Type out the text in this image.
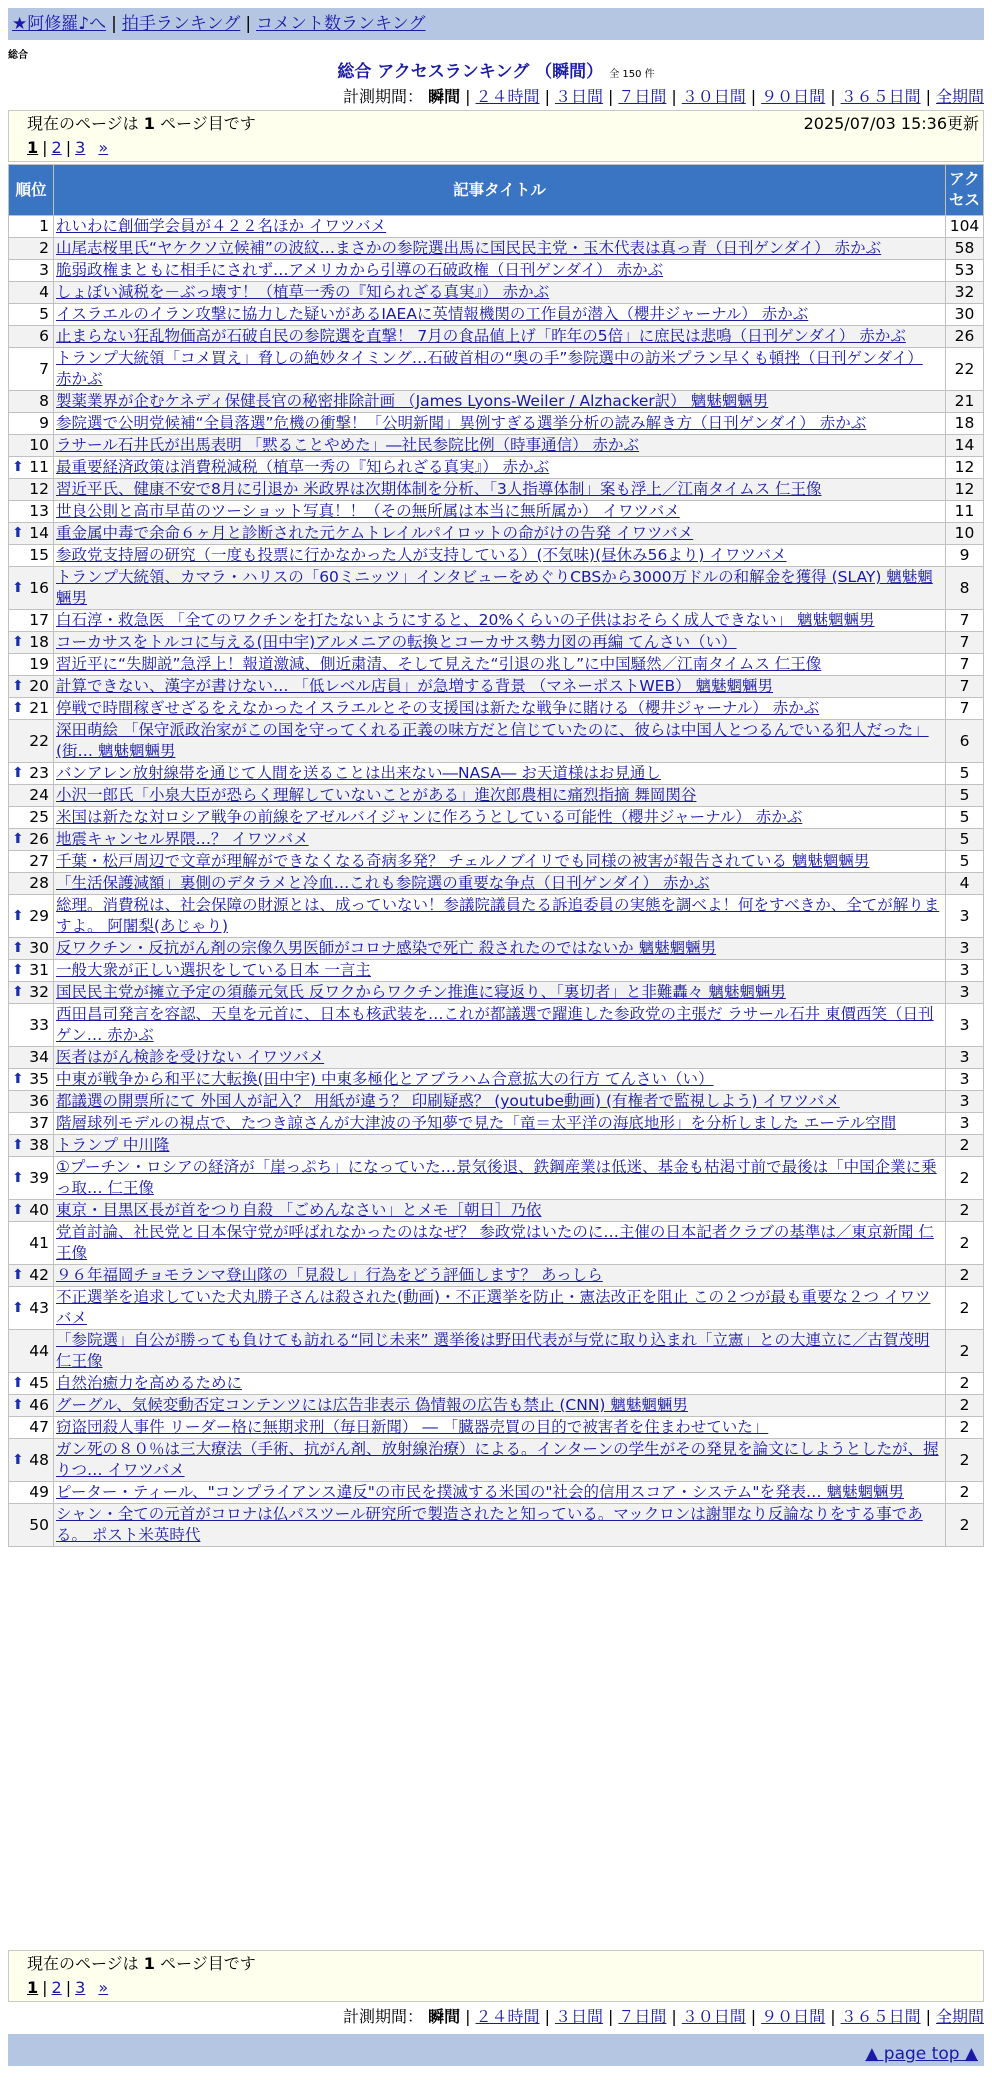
★阿修羅♪へ | 拍手ランキング | コメント数ランキング
総合
総合 アクセスランキング （瞬間） 全 150 件
計測期間： 瞬間 | ２４時間 | ３日間 | ７日間 | ３０日間 | ９０日間 | ３６５日間 | 全期間
現在のページは 1 ページ目です	2025/07/03 15:36更新
1 | 2 | 3 »
順位	記事タイトル	アクセス
1	れいわに創価学会員が４２２名ほか イワツバメ	104
2	山尾志桜里氏“ヤケクソ立候補”の波紋…まさかの参院選出馬に国民民主党・玉木代表は真っ青（日刊ゲンダイ） 赤かぶ	58
3	脆弱政権まともに相手にされず…アメリカから引導の石破政権（日刊ゲンダイ） 赤かぶ	53
4	しょぼい減税を－ぶっ壊す！（植草一秀の『知られざる真実』） 赤かぶ	32
5	イスラエルのイラン攻撃に協力した疑いがあるIAEAに英情報機関の工作員が潜入（櫻井ジャーナル） 赤かぶ	30
6	止まらない狂乱物価高が石破自民の参院選を直撃！ 7月の食品値上げ「昨年の5倍」に庶民は悲鳴（日刊ゲンダイ） 赤かぶ	26
7	トランプ大統領「コメ買え」脅しの絶妙タイミング…石破首相の“奥の手”参院選中の訪米プラン早くも頓挫（日刊ゲンダイ） 赤かぶ	22
8	製薬業界が企むケネディ保健長官の秘密排除計画 （James Lyons-Weiler / Alzhacker訳） 魑魅魍魎男	21
9	参院選で公明党候補“全員落選”危機の衝撃！「公明新聞」異例すぎる選挙分析の読み解き方（日刊ゲンダイ） 赤かぶ	18
10	ラサール石井氏が出馬表明 「黙ることやめた」―社民参院比例（時事通信） 赤かぶ	14

⬆ 11	最重要経済政策は消費税減税（植草一秀の『知られざる真実』） 赤かぶ	12
12	習近平氏、健康不安で8月に引退か 米政界は次期体制を分析、「3人指導体制」案も浮上／江南タイムス 仁王像	12
13	世良公則と高市早苗のツーショット写真！！（その無所属は本当に無所属か） イワツバメ	11

⬆ 14	重金属中毒で余命６ヶ月と診断された元ケムトレイルパイロットの命がけの告発 イワツバメ	10
15	参政党支持層の研究（一度も投票に行かなかった人が支持している）(不気味)(昼休み56より) イワツバメ	9

⬆ 16	トランプ大統領、カマラ・ハリスの「60ミニッツ」インタビューをめぐりCBSから3000万ドルの和解金を獲得 (SLAY) 魑魅魍魎男	8
17	白石淳・救急医 「全てのワクチンを打たないようにすると、20%くらいの子供はおそらく成人できない」 魑魅魍魎男	7

⬆ 18	コーカサスをトルコに与える(田中宇)アルメニアの転換とコーカサス勢力図の再編 てんさい（い）	7
19	習近平に“失脚説”急浮上！報道激減、側近粛清、そして見えた“引退の兆し”に中国騒然／江南タイムス 仁王像	7

⬆ 20	計算できない、漢字が書けない… 「低レベル店員」が急増する背景 （マネーポストWEB） 魑魅魍魎男	7

⬆ 21	停戦で時間稼ぎせざるをえなかったイスラエルとその支援国は新たな戦争に賭ける（櫻井ジャーナル） 赤かぶ	7
22	深田萌絵 「保守派政治家がこの国を守ってくれる正義の味方だと信じていたのに、彼らは中国人とつるんでいる犯人だった」(街… 魑魅魍魎男	6

⬆ 23	バンアレン放射線帯を通じて人間を送ることは出来ない―NASA― お天道様はお見通し	5
24	小沢一郎氏「小泉大臣が恐らく理解していないことがある」進次郎農相に痛烈指摘 舞岡関谷	5
25	米国は新たな対ロシア戦争の前線をアゼルバイジャンに作ろうとしている可能性（櫻井ジャーナル） 赤かぶ	5

⬆ 26	地震キャンセル界隈…？ イワツバメ	5
27	千葉・松戸周辺で文章が理解ができなくなる奇病多発？ チェルノブイリでも同様の被害が報告されている 魑魅魍魎男	5
28	「生活保護減額」裏側のデタラメと冷血…これも参院選の重要な争点（日刊ゲンダイ） 赤かぶ	4

⬆ 29	総理。消費税は、社会保障の財源とは、成っていない！参議院議員たる訴追委員の実態を調べよ！何をすべきか、全てが解りますよ。 阿闍梨(あじゃり)	3

⬆ 30	反ワクチン・反抗がん剤の宗像久男医師がコロナ感染で死亡 殺されたのではないか 魑魅魍魎男	3

⬆ 31	一般大衆が正しい選択をしている日本 一言主	3

⬆ 32	国民民主党が擁立予定の須藤元気氏 反ワクからワクチン推進に寝返り、「裏切者」と非難轟々 魑魅魍魎男	3
33	西田昌司発言を容認、天皇を元首に、日本も核武装を…これが都議選で躍進した参政党の主張だ ラサール石井 東價西笑（日刊ゲン… 赤かぶ	3
34	医者はがん検診を受けない イワツバメ	3

⬆ 35	中東が戦争から和平に大転換(田中宇) 中東多極化とアブラハム合意拡大の行方 てんさい（い）	3
36	都議選の開票所にて 外国人が記入？ 用紙が違う？ 印刷疑惑？ (youtube動画) (有権者で監視しよう) イワツバメ	3
37	階層球列モデルの視点で、たつき諒さんが大津波の予知夢で見た「竜＝太平洋の海底地形」を分析しました エーテル空間	3

⬆ 38	トランプ 中川隆	2

⬆ 39	①プーチン・ロシアの経済が「崖っぷち」になっていた…景気後退、鉄鋼産業は低迷、基金も枯渇寸前で最後は「中国企業に乗っ取… 仁王像	2

⬆ 40	東京・目黒区長が首をつり自殺 「ごめんなさい」とメモ［朝日］乃依	2
41	党首討論、社民党と日本保守党が呼ばれなかったのはなぜ？ 参政党はいたのに…主催の日本記者クラブの基準は／東京新聞 仁王像	2

⬆ 42	９６年福岡チョモランマ登山隊の「見殺し」行為をどう評価します？ あっしら	2

⬆ 43	不正選挙を追求していた犬丸勝子さんは殺された(動画)・不正選挙を防止・憲法改正を阻止 この２つが最も重要な２つ イワツバメ	2
44	「参院選」自公が勝っても負けても訪れる“同じ未来” 選挙後は野田代表が与党に取り込まれ「立憲」との大連立に／古賀茂明 仁王像	2

⬆ 45	自然治癒力を高めるために	2

⬆ 46	グーグル、気候変動否定コンテンツには広告非表示 偽情報の広告も禁止 (CNN) 魑魅魍魎男	2
47	窃盗団殺人事件 リーダー格に無期求刑（毎日新聞） ― 「臓器売買の目的で被害者を住まわせていた」	2

⬆ 48	ガン死の８０％は三大療法（手術、抗がん剤、放射線治療）による。インターンの学生がその発見を論文にしようとしたが、握りつ… イワツバメ	2
49	ピーター・ティール、"コンプライアンス違反"の市民を撲滅する米国の"社会的信用スコア・システム"を発表… 魑魅魍魎男	2
50	シャン・全ての元首がコロナは仏パスツール研究所で製造されたと知っている。マックロンは謝罪なり反論なりをする事である。 ポスト米英時代	2
現在のページは 1 ページ目です
1 | 2 | 3 »
計測期間： 瞬間 | ２４時間 | ３日間 | ７日間 | ３０日間 | ９０日間 | ３６５日間 | 全期間
▲ page top ▲
